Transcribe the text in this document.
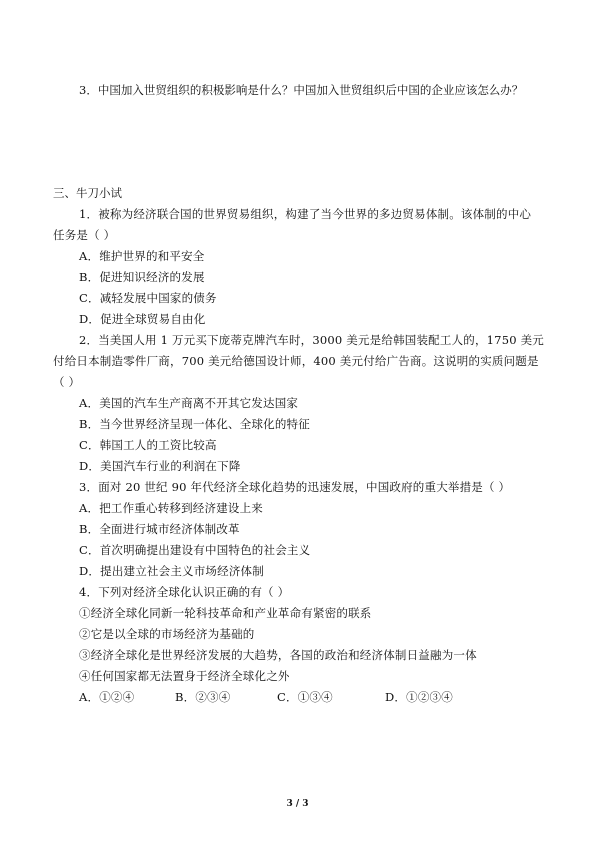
3．中国加入世贸组织的积极影响是什么？中国加入世贸组织后中国的企业应该怎么办？
三、牛刀小试
1．被称为经济联合国的世界贸易组织，构建了当今世界的多边贸易体制。该体制的中心
任务是（ ）
A．维护世界的和平安全
B．促进知识经济的发展
C．减轻发展中国家的债务
D．促进全球贸易自由化
2．当美国人用 1 万元买下庞蒂克牌汽车时，3000 美元是给韩国装配工人的，1750 美元
付给日本制造零件厂商，700 美元给德国设计师，400 美元付给广告商。这说明的实质问题是
（ ）
A．美国的汽车生产商离不开其它发达国家
B．当今世界经济呈现一体化、全球化的特征
C．韩国工人的工资比较高
D．美国汽车行业的利润在下降
3．面对 20 世纪 90 年代经济全球化趋势的迅速发展，中国政府的重大举措是（ ）
A．把工作重心转移到经济建设上来
B．全面进行城市经济体制改革
C．首次明确提出建设有中国特色的社会主义
D．提出建立社会主义市场经济体制
4．下列对经济全球化认识正确的有（ ）
①经济全球化同新一轮科技革命和产业革命有紧密的联系
②它是以全球的市场经济为基础的
③经济全球化是世界经济发展的大趋势，各国的政治和经济体制日益融为一体
④任何国家都无法置身于经济全球化之外
A．①②④	B．②③④	C．①③④	D．①②③④
3 / 3
